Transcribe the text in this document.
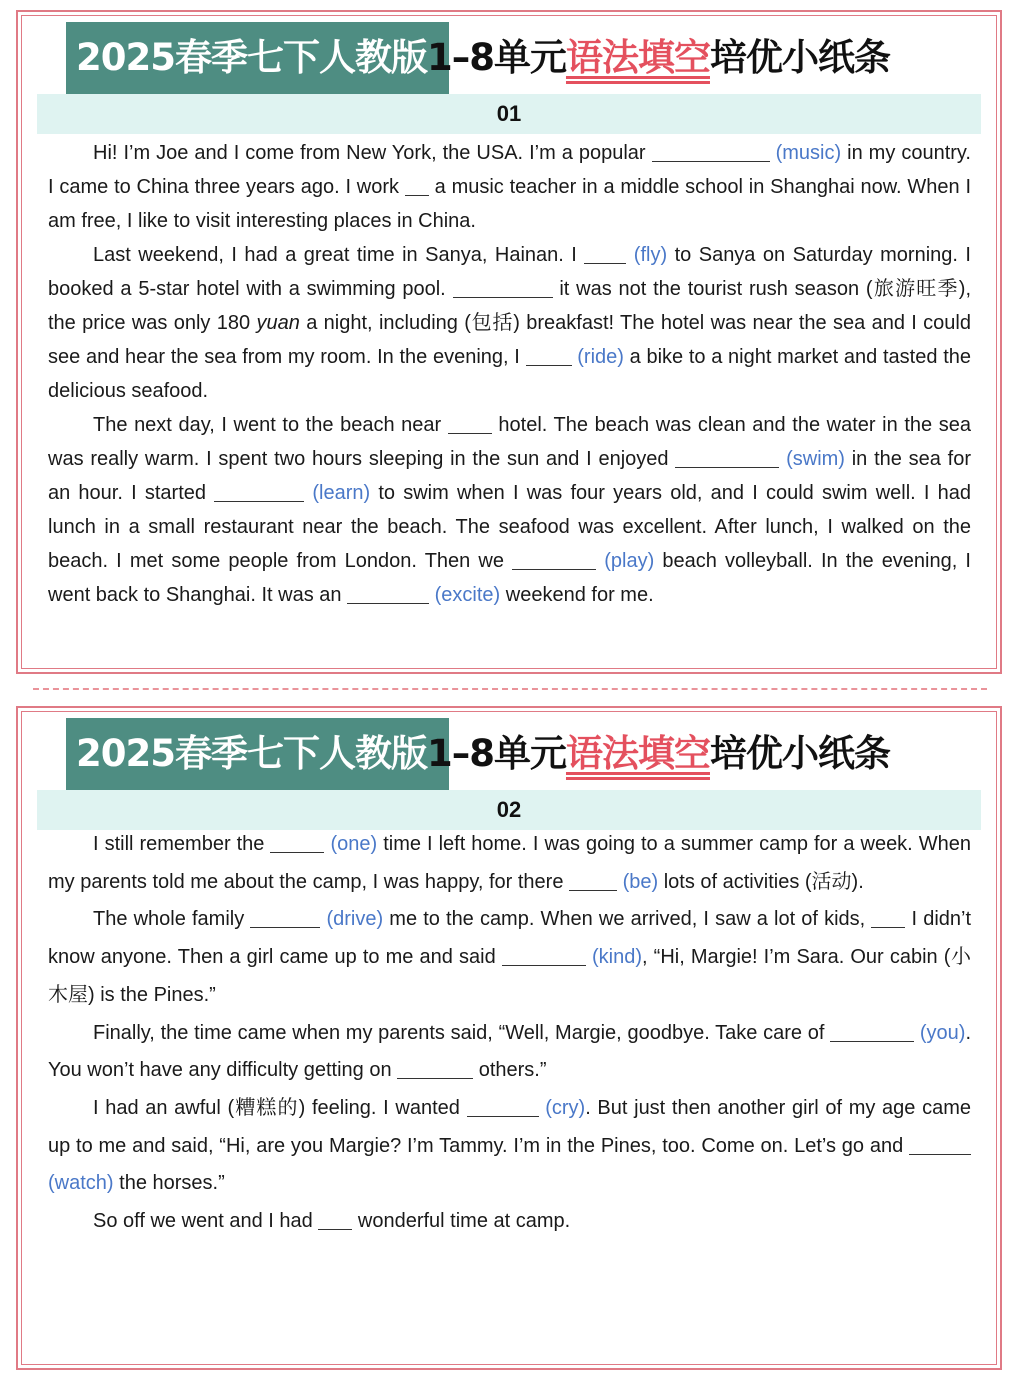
2025春季七下人教版1–8单元语法填空培优小纸条
01

Hi! I’m Joe and I come from New York, the USA. I’m a popular	(music) in my country. I came to China three years ago. I work  a music teacher in a middle school in Shanghai now. When I am free, I like to visit interesting places in China.

Last weekend, I had a great time in Sanya, Hainan. I  (fly) to Sanya on Saturday morning. I booked a 5-star hotel with a swimming pool.	it was not the tourist rush season (旅游旺季), the price was only 180 yuan a night, including (包括) breakfast! The hotel was near the sea and I could see and hear the sea from my room. In the evening, I	(ride) a bike to a night market and tasted the delicious seafood.

The next day, I went to the beach near  hotel. The beach was clean and the water in the sea was really warm. I spent two hours sleeping in the sun and I enjoyed	(swim) in the sea for an hour. I started	(learn) to swim when I was four years old, and I could swim well. I had lunch in a small restaurant near the beach. The seafood was excellent. After lunch, I walked on the beach. I met some people from London. Then we	(play) beach volleyball. In the evening, I went back to Shanghai. It was an	(excite) weekend for me.

2025春季七下人教版1–8单元语法填空培优小纸条
02

I still remember the	(one) time I left home. I was going to a summer camp for a week. When my parents told me about the camp, I was happy, for there	(be) lots of activities (活动).

The whole family	(drive) me to the camp. When we arrived, I saw a lot of kids,  I didn’t know anyone. Then a girl came up to me and said	(kind), “Hi, Margie! I’m Sara. Our cabin (小木屋) is the Pines.”

Finally, the time came when my parents said, “Well, Margie, goodbye. Take care of	(you). You won’t have any difficulty getting on	others.”

I had an awful (糟糕的) feeling. I wanted	(cry). But just then another girl of my age came up to me and said, “Hi, are you Margie? I’m Tammy. I’m in the Pines, too. Come on. Let’s go and  (watch) the horses.”

So off we went and I had  wonderful time at camp.
